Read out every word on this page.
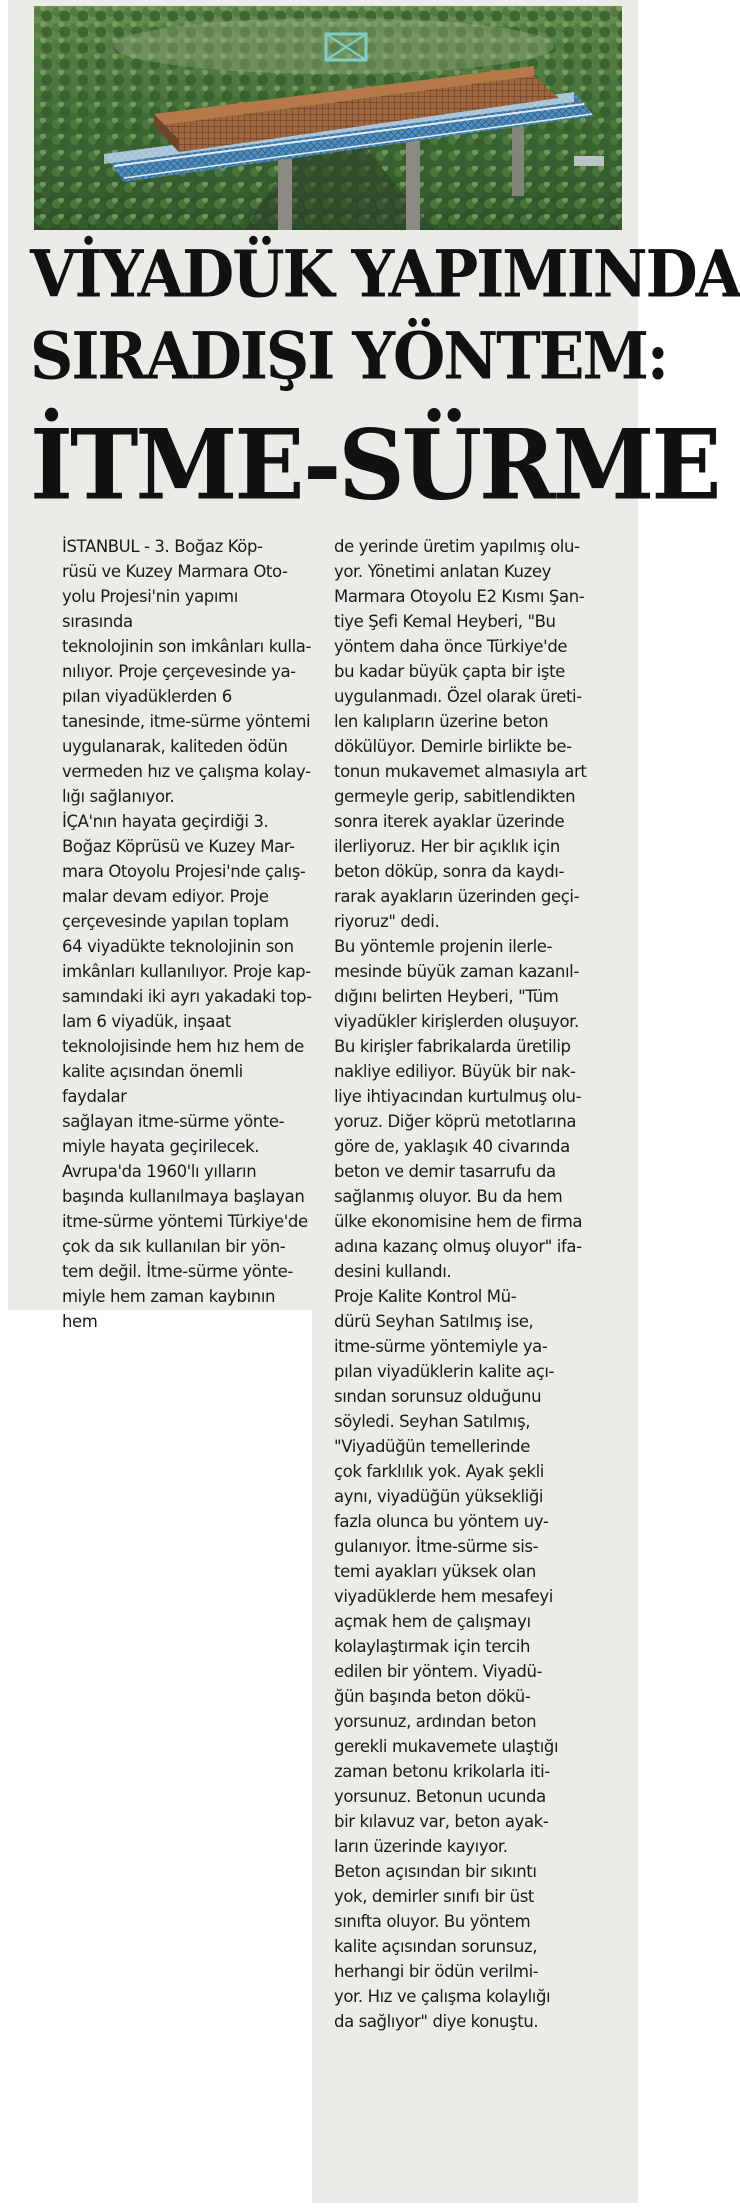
VİYADÜK YAPIMINDA
SIRADIŞI YÖNTEM:
İTME-SÜRME

İSTANBUL - 3. Boğaz Köp-
rüsü ve Kuzey Marmara Oto-
yolu Projesi'nin yapımı sırasında
teknolojinin son imkânları kulla-
nılıyor. Proje çerçevesinde ya-
pılan viyadüklerden 6
tanesinde, itme-sürme yöntemi
uygulanarak, kaliteden ödün
vermeden hız ve çalışma kolay-
lığı sağlanıyor.
İÇA'nın hayata geçirdiği 3.
Boğaz Köprüsü ve Kuzey Mar-
mara Otoyolu Projesi'nde çalış-
malar devam ediyor. Proje
çerçevesinde yapılan toplam
64 viyadükte teknolojinin son
imkânları kullanılıyor. Proje kap-
samındaki iki ayrı yakadaki top-
lam 6 viyadük, inşaat
teknolojisinde hem hız hem de
kalite açısından önemli faydalar
sağlayan itme-sürme yönte-
miyle hayata geçirilecek.
Avrupa'da 1960'lı yılların
başında kullanılmaya başlayan
itme-sürme yöntemi Türkiye'de
çok da sık kullanılan bir yön-
tem değil. İtme-sürme yönte-
miyle hem zaman kaybının hem

de yerinde üretim yapılmış olu-
yor. Yönetimi anlatan Kuzey
Marmara Otoyolu E2 Kısmı Şan-
tiye Şefi Kemal Heyberi, "Bu
yöntem daha önce Türkiye'de
bu kadar büyük çapta bir işte
uygulanmadı. Özel olarak üreti-
len kalıpların üzerine beton
dökülüyor. Demirle birlikte be-
tonun mukavemet almasıyla art
germeyle gerip, sabitlendikten
sonra iterek ayaklar üzerinde
ilerliyoruz. Her bir açıklık için
beton döküp, sonra da kaydı-
rarak ayakların üzerinden geçi-
riyoruz" dedi.
Bu yöntemle projenin ilerle-
mesinde büyük zaman kazanıl-
dığını belirten Heyberi, "Tüm
viyadükler kirişlerden oluşuyor.
Bu kirişler fabrikalarda üretilip
nakliye ediliyor. Büyük bir nak-
liye ihtiyacından kurtulmuş olu-
yoruz. Diğer köprü metotlarına
göre de, yaklaşık 40 civarında
beton ve demir tasarrufu da
sağlanmış oluyor. Bu da hem
ülke ekonomisine hem de firma
adına kazanç olmuş oluyor" ifa-
desini kullandı.
Proje Kalite Kontrol Mü-
dürü Seyhan Satılmış ise,
itme-sürme yöntemiyle ya-
pılan viyadüklerin kalite açı-
sından sorunsuz olduğunu
söyledi. Seyhan Satılmış,
"Viyadüğün temellerinde
çok farklılık yok. Ayak şekli
aynı, viyadüğün yüksekliği
fazla olunca bu yöntem uy-
gulanıyor. İtme-sürme sis-
temi ayakları yüksek olan
viyadüklerde hem mesafeyi
açmak hem de çalışmayı
kolaylaştırmak için tercih
edilen bir yöntem. Viyadü-
ğün başında beton dökü-
yorsunuz, ardından beton
gerekli mukavemete ulaştığı
zaman betonu krikolarla iti-
yorsunuz. Betonun ucunda
bir kılavuz var, beton ayak-
ların üzerinde kayıyor.
Beton açısından bir sıkıntı
yok, demirler sınıfı bir üst
sınıfta oluyor. Bu yöntem
kalite açısından sorunsuz,
herhangi bir ödün verilmi-
yor. Hız ve çalışma kolaylığı
da sağlıyor" diye konuştu.
